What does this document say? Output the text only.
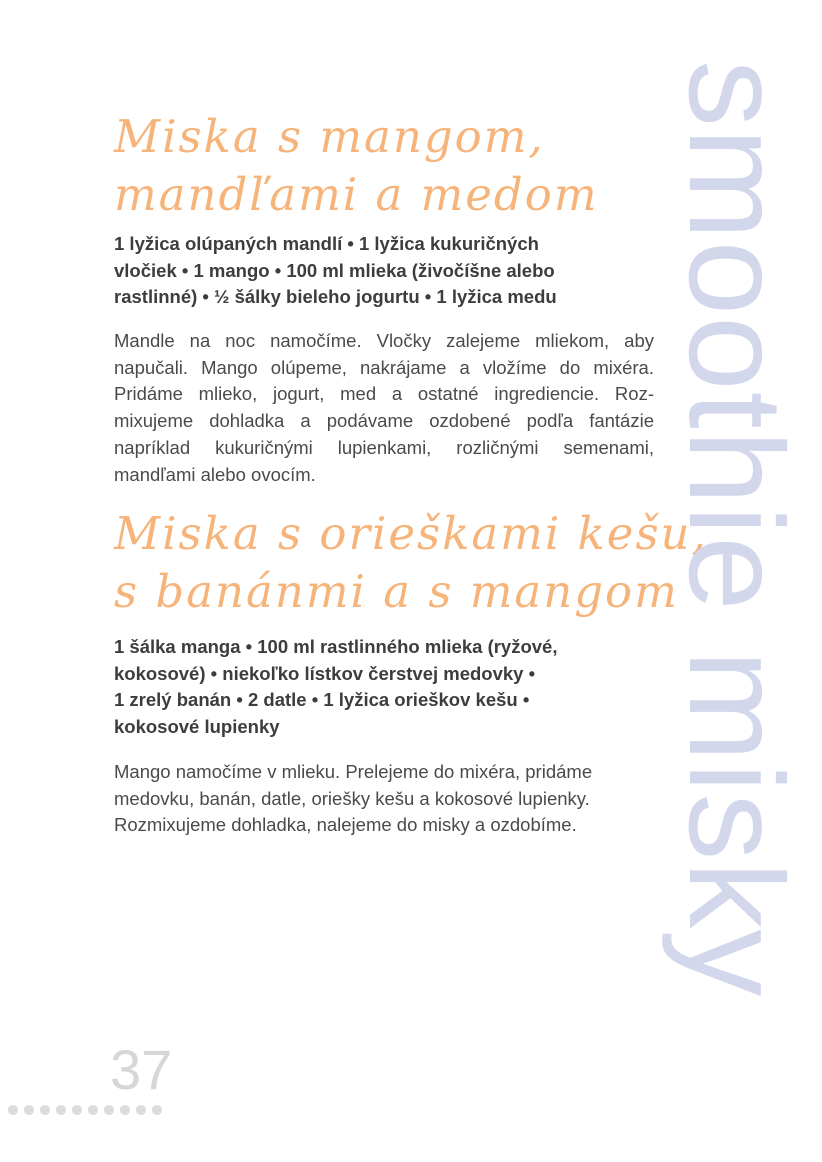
Miska s mangom,
mandľami a medom

1 lyžica olúpaných mandlí • 1 lyžica kukuričných
vločiek • 1 mango • 100 ml mlieka (živočíšne alebo
rastlinné) • ½ šálky bieleho jogurtu • 1 lyžica medu

Mandle na noc namočíme. Vločky zalejeme mliekom, aby
napučali. Mango olúpeme, nakrájame a vložíme do mixéra.
Pridáme mlieko, jogurt, med a ostatné ingrediencie. Roz-
mixujeme dohladka a podávame ozdobené podľa fantázie
napríklad kukuričnými lupienkami, rozličnými semenami,
mandľami alebo ovocím.

Miska s orieškami kešu,
s banánmi a s mangom

1 šálka manga • 100 ml rastlinného mlieka (ryžové,
kokosové) • niekoľko lístkov čerstvej medovky •
1 zrelý banán • 2 datle • 1 lyžica orieškov kešu •
kokosové lupienky

Mango namočíme v mlieku. Prelejeme do mixéra, pridáme
medovku, banán, datle, oriešky kešu a kokosové lupienky.
Rozmixujeme dohladka, nalejeme do misky a ozdobíme. smoothie misky
37
